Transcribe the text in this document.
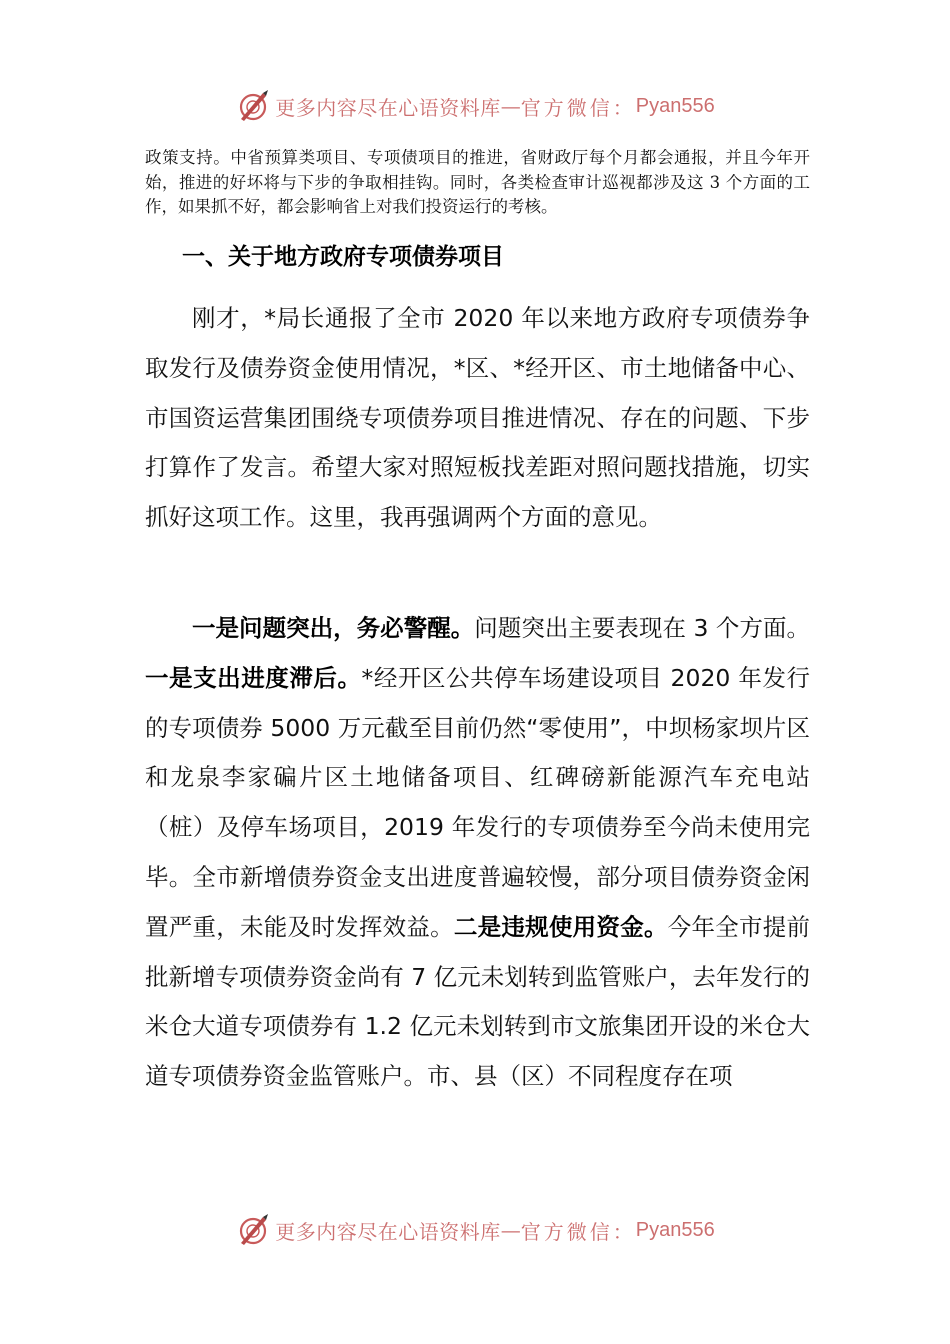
更多内容尽在心语资料库 — 官方微信： Pyan556

政策支持。中省预算类项目、专项债项目的推进，省财政厅每个月都会通报，并且今年开始，推进的好坏将与下步的争取相挂钩。同时，各类检查审计巡视都涉及这 3 个方面的工作，如果抓不好，都会影响省上对我们投资运行的考核。

一、关于地方政府专项债券项目

刚才，*局长通报了全市 2020 年以来地方政府专项债券争取发行及债券资金使用情况，*区、*经开区、市土地储备中心、市国资运营集团围绕专项债券项目推进情况、存在的问题、下步打算作了发言。希望大家对照短板找差距对照问题找措施，切实抓好这项工作。这里，我再强调两个方面的意见。

一是问题突出，务必警醒。问题突出主要表现在 3 个方面。一是支出进度滞后。*经开区公共停车场建设项目 2020 年发行的专项债券 5000 万元截至目前仍然“零使用”，中坝杨家坝片区和龙泉李家碥片区土地储备项目、红碑磅新能源汽车充电站（桩）及停车场项目，2019 年发行的专项债券至今尚未使用完毕。全市新增债券资金支出进度普遍较慢，部分项目债券资金闲置严重，未能及时发挥效益。二是违规使用资金。今年全市提前批新增专项债券资金尚有 7 亿元未划转到监管账户，去年发行的米仓大道专项债券有 1.2 亿元未划转到市文旅集团开设的米仓大道专项债券资金监管账户。市、县（区）不同程度存在项

更多内容尽在心语资料库 — 官方微信： Pyan556
